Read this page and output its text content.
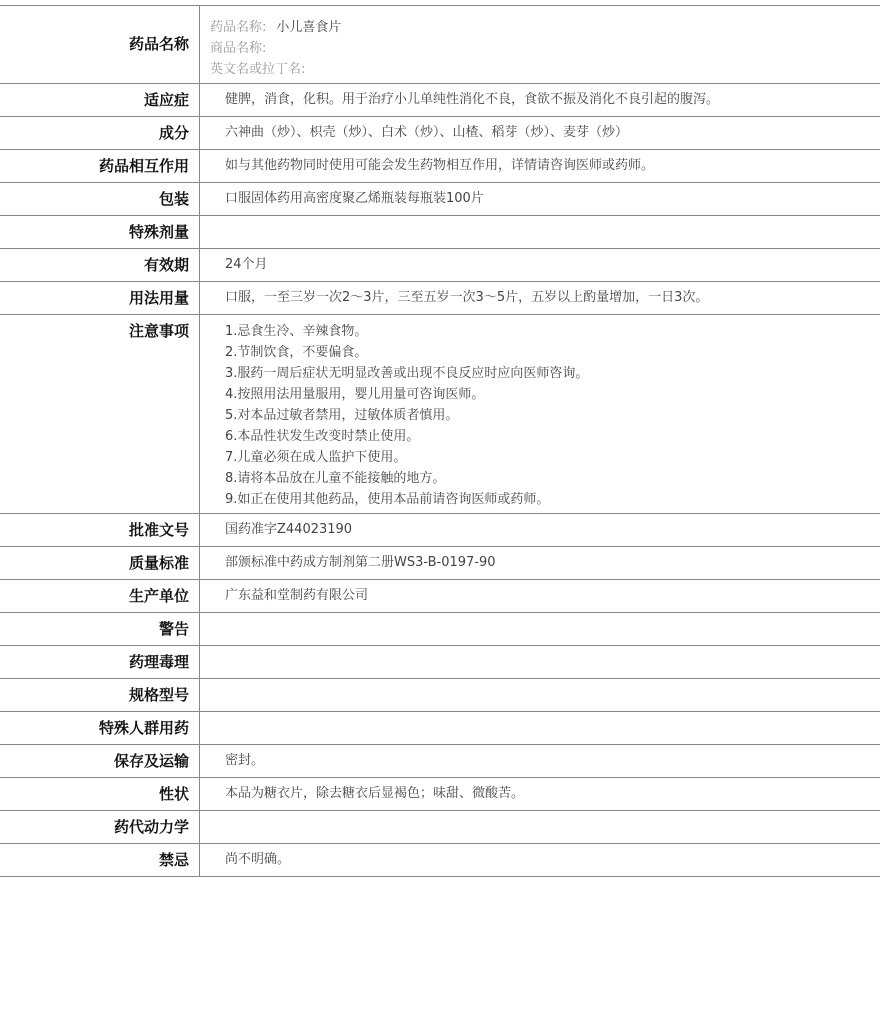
药品名称
药品名称: 小儿喜食片
商品名称:
英文名或拉丁名:
适应症	健脾，消食，化积。用于治疗小儿单纯性消化不良，食欲不振及消化不良引起的腹泻。
成分	六神曲（炒）、枳壳（炒）、白术（炒）、山楂、稻芽（炒）、麦芽（炒）
药品相互作用	如与其他药物同时使用可能会发生药物相互作用，详情请咨询医师或药师。
包装	口服固体药用高密度聚乙烯瓶装每瓶装100片
特殊剂量
有效期	24个月
用法用量	口服，一至三岁一次2～3片，三至五岁一次3～5片，五岁以上酌量增加，一日3次。
注意事项	1.忌食生冷、辛辣食物。
2.节制饮食，不要偏食。
3.服药一周后症状无明显改善或出现不良反应时应向医师咨询。
4.按照用法用量服用，婴儿用量可咨询医师。
5.对本品过敏者禁用，过敏体质者慎用。
6.本品性状发生改变时禁止使用。
7.儿童必须在成人监护下使用。
8.请将本品放在儿童不能接触的地方。
9.如正在使用其他药品，使用本品前请咨询医师或药师。
批准文号	国药准字Z44023190
质量标准	部颁标准中药成方制剂第二册WS3-B-0197-90
生产单位	广东益和堂制药有限公司
警告
药理毒理
规格型号
特殊人群用药
保存及运输	密封。
性状	本品为糖衣片，除去糖衣后显褐色；味甜、微酸苦。
药代动力学
禁忌	尚不明确。
